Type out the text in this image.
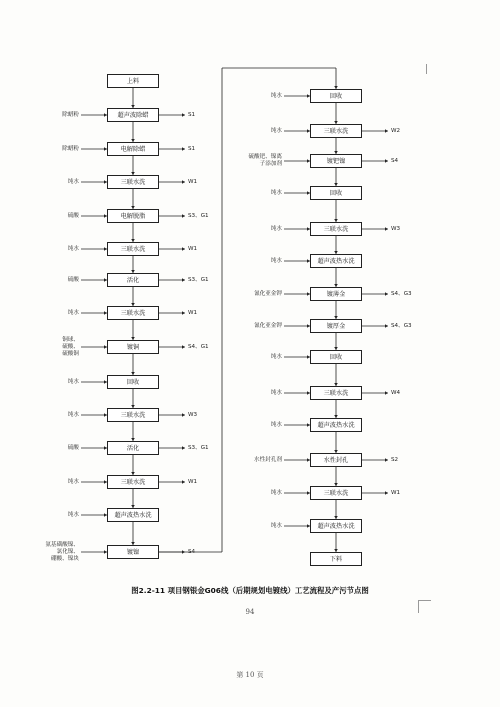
上料
超声波除蜡
除蜡粉	S1
电解除蜡
除蜡粉	S1
三联水洗
纯水	W1
电解脱脂
硫酸	S3、G1
三联水洗
纯水	W1
活化
硫酸	S3、G1
三联水洗
纯水	W1
镀铜
铜球、
硫酸、
硫酸铜
S4、G1
回收
纯水
三联水洗
纯水	W3
活化
硫酸	S3、G1
三联水洗
纯水	W1
超声波热水洗
纯水
镀镍
氨基磺酸镍、
氯化镍、
硼酸、镍块
S4
回收
纯水
三联水洗
纯水	W2
镀钯镍
硫酸钯、镍离
子添加剂
S4
回收
纯水
三联水洗
纯水	W3
超声波热水洗
纯水
镀薄金
氰化亚金钾	S4、G3
镀厚金
氰化亚金钾	S4、G3
回收
纯水
三联水洗
纯水	W4
超声波热水洗
纯水
水性封孔
水性封孔剂	S2
三联水洗
纯水	W1
超声波热水洗
纯水
下料
图2.2-11 项目钢银金G06线（后期规划电镀线）工艺流程及产污节点图
94
第 10 页
